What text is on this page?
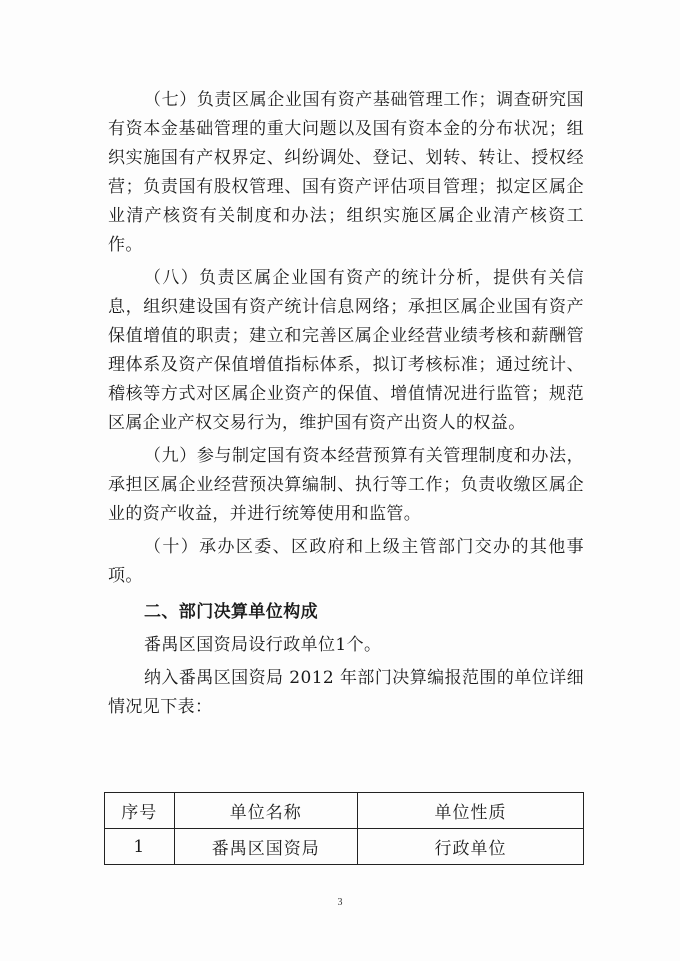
（七）负责区属企业国有资产基础管理工作；调查研究国有资本金基础管理的重大问题以及国有资本金的分布状况；组织实施国有产权界定、纠纷调处、登记、划转、转让、授权经营；负责国有股权管理、国有资产评估项目管理；拟定区属企业清产核资有关制度和办法；组织实施区属企业清产核资工作。

（八）负责区属企业国有资产的统计分析，提供有关信息，组织建设国有资产统计信息网络；承担区属企业国有资产保值增值的职责；建立和完善区属企业经营业绩考核和薪酬管理体系及资产保值增值指标体系，拟订考核标准；通过统计、稽核等方式对区属企业资产的保值、增值情况进行监管；规范区属企业产权交易行为，维护国有资产出资人的权益。

（九）参与制定国有资本经营预算有关管理制度和办法，承担区属企业经营预决算编制、执行等工作；负责收缴区属企业的资产收益，并进行统筹使用和监管。

（十）承办区委、区政府和上级主管部门交办的其他事项。

二、部门决算单位构成

番禺区国资局设行政单位1个。

纳入番禺区国资局 2012 年部门决算编报范围的单位详细情况见下表：

序号	单位名称	单位性质
1	番禺区国资局	行政单位
3
